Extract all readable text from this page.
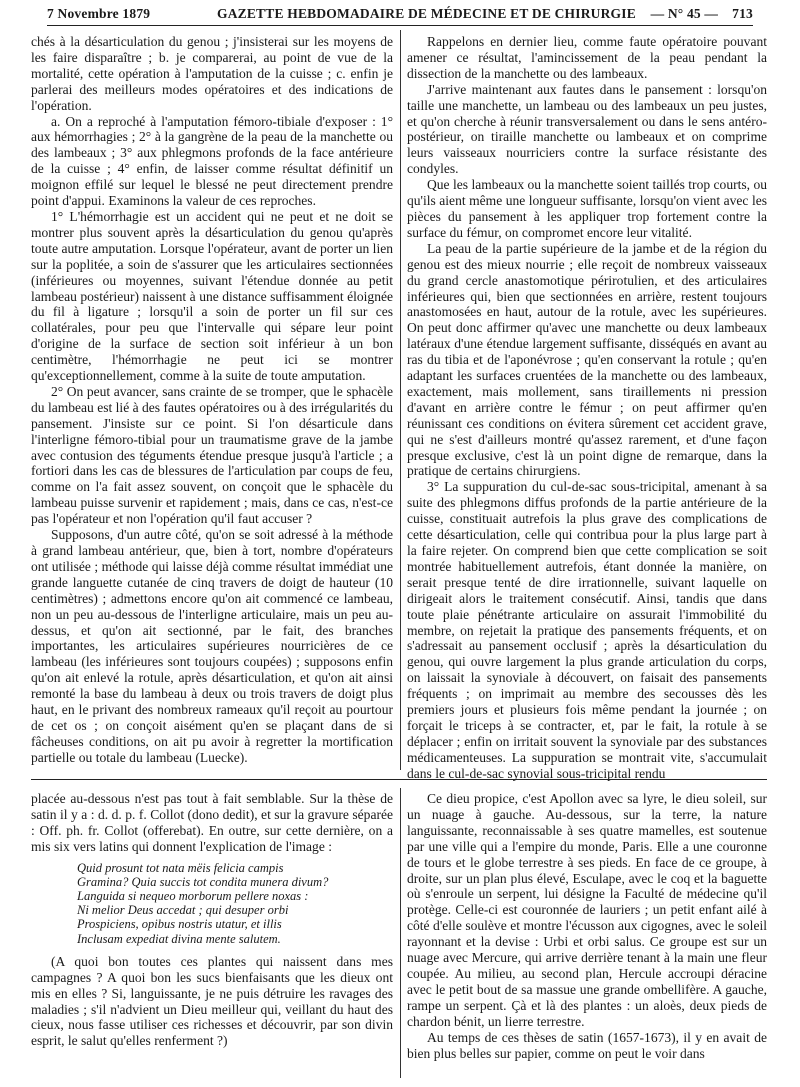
7 Novembre 1879	GAZETTE HEBDOMADAIRE DE MÉDECINE ET DE CHIRURGIE	— N° 45 — 713

chés à la désarticulation du genou ; j'insisterai sur les moyens de les faire disparaître ; b. je comparerai, au point de vue de la mortalité, cette opération à l'amputation de la cuisse ; c. enfin je parlerai des meilleurs modes opératoires et des indications de l'opération.

a. On a reproché à l'amputation fémoro-tibiale d'exposer : 1° aux hémorrhagies ; 2° à la gangrène de la peau de la manchette ou des lambeaux ; 3° aux phlegmons profonds de la face antérieure de la cuisse ; 4° enfin, de laisser comme résultat définitif un moignon effilé sur lequel le blessé ne peut directement prendre point d'appui. Examinons la valeur de ces reproches.

1° L'hémorrhagie est un accident qui ne peut et ne doit se montrer plus souvent après la désarticulation du genou qu'après toute autre amputation. Lorsque l'opérateur, avant de porter un lien sur la poplitée, a soin de s'assurer que les articulaires sectionnées (inférieures ou moyennes, suivant l'étendue donnée au petit lambeau postérieur) naissent à une distance suffisamment éloignée du fil à ligature ; lorsqu'il a soin de porter un fil sur ces collatérales, pour peu que l'intervalle qui sépare leur point d'origine de la surface de section soit inférieur à un bon centimètre, l'hémorrhagie ne peut ici se montrer qu'exceptionnellement, comme à la suite de toute amputation.

2° On peut avancer, sans crainte de se tromper, que le sphacèle du lambeau est lié à des fautes opératoires ou à des irrégularités du pansement. J'insiste sur ce point. Si l'on désarticule dans l'interligne fémoro-tibial pour un traumatisme grave de la jambe avec contusion des téguments étendue presque jusqu'à l'article ; a fortiori dans les cas de blessures de l'articulation par coups de feu, comme on l'a fait assez souvent, on conçoit que le sphacèle du lambeau puisse survenir et rapidement ; mais, dans ce cas, n'est-ce pas l'opérateur et non l'opération qu'il faut accuser ?

Supposons, d'un autre côté, qu'on se soit adressé à la méthode à grand lambeau antérieur, que, bien à tort, nombre d'opérateurs ont utilisée ; méthode qui laisse déjà comme résultat immédiat une grande languette cutanée de cinq travers de doigt de hauteur (10 centimètres) ; admettons encore qu'on ait commencé ce lambeau, non un peu au-dessous de l'interligne articulaire, mais un peu au-dessus, et qu'on ait sectionné, par le fait, des branches importantes, les articulaires supérieures nourricières de ce lambeau (les inférieures sont toujours coupées) ; supposons enfin qu'on ait enlevé la rotule, après désarticulation, et qu'on ait ainsi remonté la base du lambeau à deux ou trois travers de doigt plus haut, en le privant des nombreux rameaux qu'il reçoit au pourtour de cet os ; on conçoit aisément qu'en se plaçant dans de si fâcheuses conditions, on ait pu avoir à regretter la mortification partielle ou totale du lambeau (Luecke).

Rappelons en dernier lieu, comme faute opératoire pouvant amener ce résultat, l'amincissement de la peau pendant la dissection de la manchette ou des lambeaux.

J'arrive maintenant aux fautes dans le pansement : lorsqu'on taille une manchette, un lambeau ou des lambeaux un peu justes, et qu'on cherche à réunir transversalement ou dans le sens antéro-postérieur, on tiraille manchette ou lambeaux et on comprime leurs vaisseaux nourriciers contre la surface résistante des condyles.

Que les lambeaux ou la manchette soient taillés trop courts, ou qu'ils aient même une longueur suffisante, lorsqu'on vient avec les pièces du pansement à les appliquer trop fortement contre la surface du fémur, on compromet encore leur vitalité.

La peau de la partie supérieure de la jambe et de la région du genou est des mieux nourrie ; elle reçoit de nombreux vaisseaux du grand cercle anastomotique périrotulien, et des articulaires inférieures qui, bien que sectionnées en arrière, restent toujours anastomosées en haut, autour de la rotule, avec les supérieures. On peut donc affirmer qu'avec une manchette ou deux lambeaux latéraux d'une étendue largement suffisante, disséqués en avant au ras du tibia et de l'aponévrose ; qu'en conservant la rotule ; qu'en adaptant les surfaces cruentées de la manchette ou des lambeaux, exactement, mais mollement, sans tiraillements ni pression d'avant en arrière contre le fémur ; on peut affirmer qu'en réunissant ces conditions on évitera sûrement cet accident grave, qui ne s'est d'ailleurs montré qu'assez rarement, et d'une façon presque exclusive, c'est là un point digne de remarque, dans la pratique de certains chirurgiens.

3° La suppuration du cul-de-sac sous-tricipital, amenant à sa suite des phlegmons diffus profonds de la partie antérieure de la cuisse, constituait autrefois la plus grave des complications de cette désarticulation, celle qui contribua pour la plus large part à la faire rejeter. On comprend bien que cette complication se soit montrée habituellement autrefois, étant donnée la manière, on serait presque tenté de dire irrationnelle, suivant laquelle on dirigeait alors le traitement consécutif. Ainsi, tandis que dans toute plaie pénétrante articulaire on assurait l'immobilité du membre, on rejetait la pratique des pansements fréquents, et on s'adressait au pansement occlusif ; après la désarticulation du genou, qui ouvre largement la plus grande articulation du corps, on laissait la synoviale à découvert, on faisait des pansements fréquents ; on imprimait au membre des secousses dès les premiers jours et plusieurs fois même pendant la journée ; on forçait le triceps à se contracter, et, par le fait, la rotule à se déplacer ; enfin on irritait souvent la synoviale par des substances médicamenteuses. La suppuration se montrait vite, s'accumulait dans le cul-de-sac synovial sous-tricipital rendu

placée au-dessous n'est pas tout à fait semblable. Sur la thèse de satin il y a : d. d. p. f. Collot (dono dedit), et sur la gravure séparée : Off. ph. fr. Collot (offerebat). En outre, sur cette dernière, on a mis six vers latins qui donnent l'explication de l'image :

Quid prosunt tot nata mëis felicia campis
Gramina? Quia succis tot condita munera divum?
Languida si nequeo morborum pellere noxas :
Ni melior Deus accedat ; qui desuper orbi
Prospiciens, opibus nostris utatur, et illis
Inclusam expediat divina mente salutem.

(A quoi bon toutes ces plantes qui naissent dans mes campagnes ? A quoi bon les sucs bienfaisants que les dieux ont mis en elles ? Si, languissante, je ne puis détruire les ravages des maladies ; s'il n'advient un Dieu meilleur qui, veillant du haut des cieux, nous fasse utiliser ces richesses et découvrir, par son divin esprit, le salut qu'elles renferment ?)

Ce dieu propice, c'est Apollon avec sa lyre, le dieu soleil, sur un nuage à gauche. Au-dessous, sur la terre, la nature languissante, reconnaissable à ses quatre mamelles, est soutenue par une ville qui a l'empire du monde, Paris. Elle a une couronne de tours et le globe terrestre à ses pieds. En face de ce groupe, à droite, sur un plan plus élevé, Esculape, avec le coq et la baguette où s'enroule un serpent, lui désigne la Faculté de médecine qu'il protège. Celle-ci est couronnée de lauriers ; un petit enfant ailé à côté d'elle soulève et montre l'écusson aux cigognes, avec le soleil rayonnant et la devise : Urbi et orbi salus. Ce groupe est sur un nuage avec Mercure, qui arrive derrière tenant à la main une fleur coupée. Au milieu, au second plan, Hercule accroupi déracine avec le petit bout de sa massue une grande ombellifère. A gauche, rampe un serpent. Çà et là des plantes : un aloès, deux pieds de chardon bénit, un lierre terrestre.

Au temps de ces thèses de satin (1657-1673), il y en avait de bien plus belles sur papier, comme on peut le voir dans
